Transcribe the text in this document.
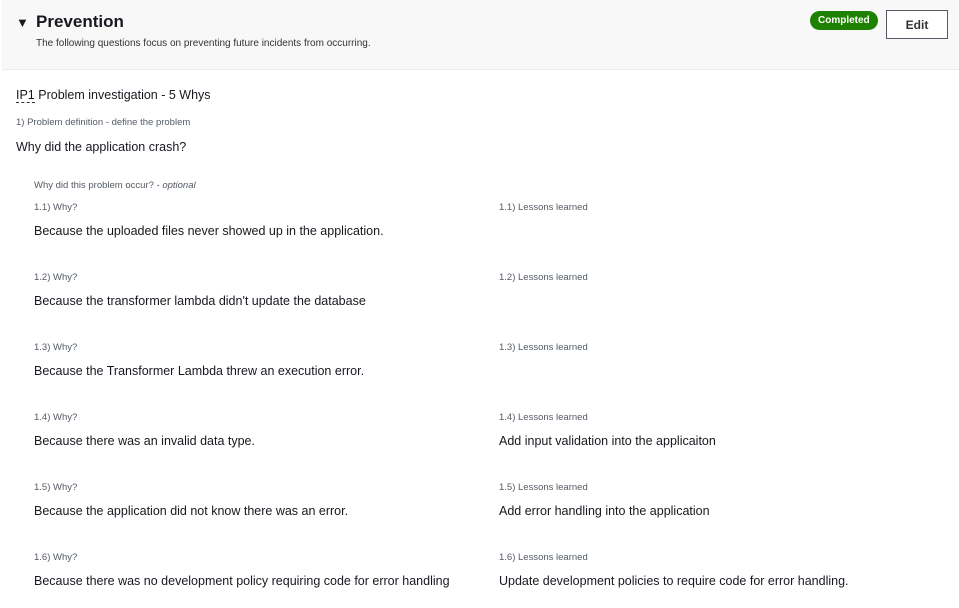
▼ Prevention
The following questions focus on preventing future incidents from occurring.
Completed	Edit
IP1 Problem investigation - 5 Whys
1) Problem definition - define the problem
Why did the application crash?
Why did this problem occur? - optional
1.1) Why?
Because the uploaded files never showed up in the application.
1.1) Lessons learned
1.2) Why?
Because the transformer lambda didn't update the database
1.2) Lessons learned
1.3) Why?
Because the Transformer Lambda threw an execution error.
1.3) Lessons learned
1.4) Why?
Because there was an invalid data type.
1.4) Lessons learned
Add input validation into the applicaiton
1.5) Why?
Because the application did not know there was an error.
1.5) Lessons learned
Add error handling into the application
1.6) Why?
Because there was no development policy requiring code for error handling
1.6) Lessons learned
Update development policies to require code for error handling.
